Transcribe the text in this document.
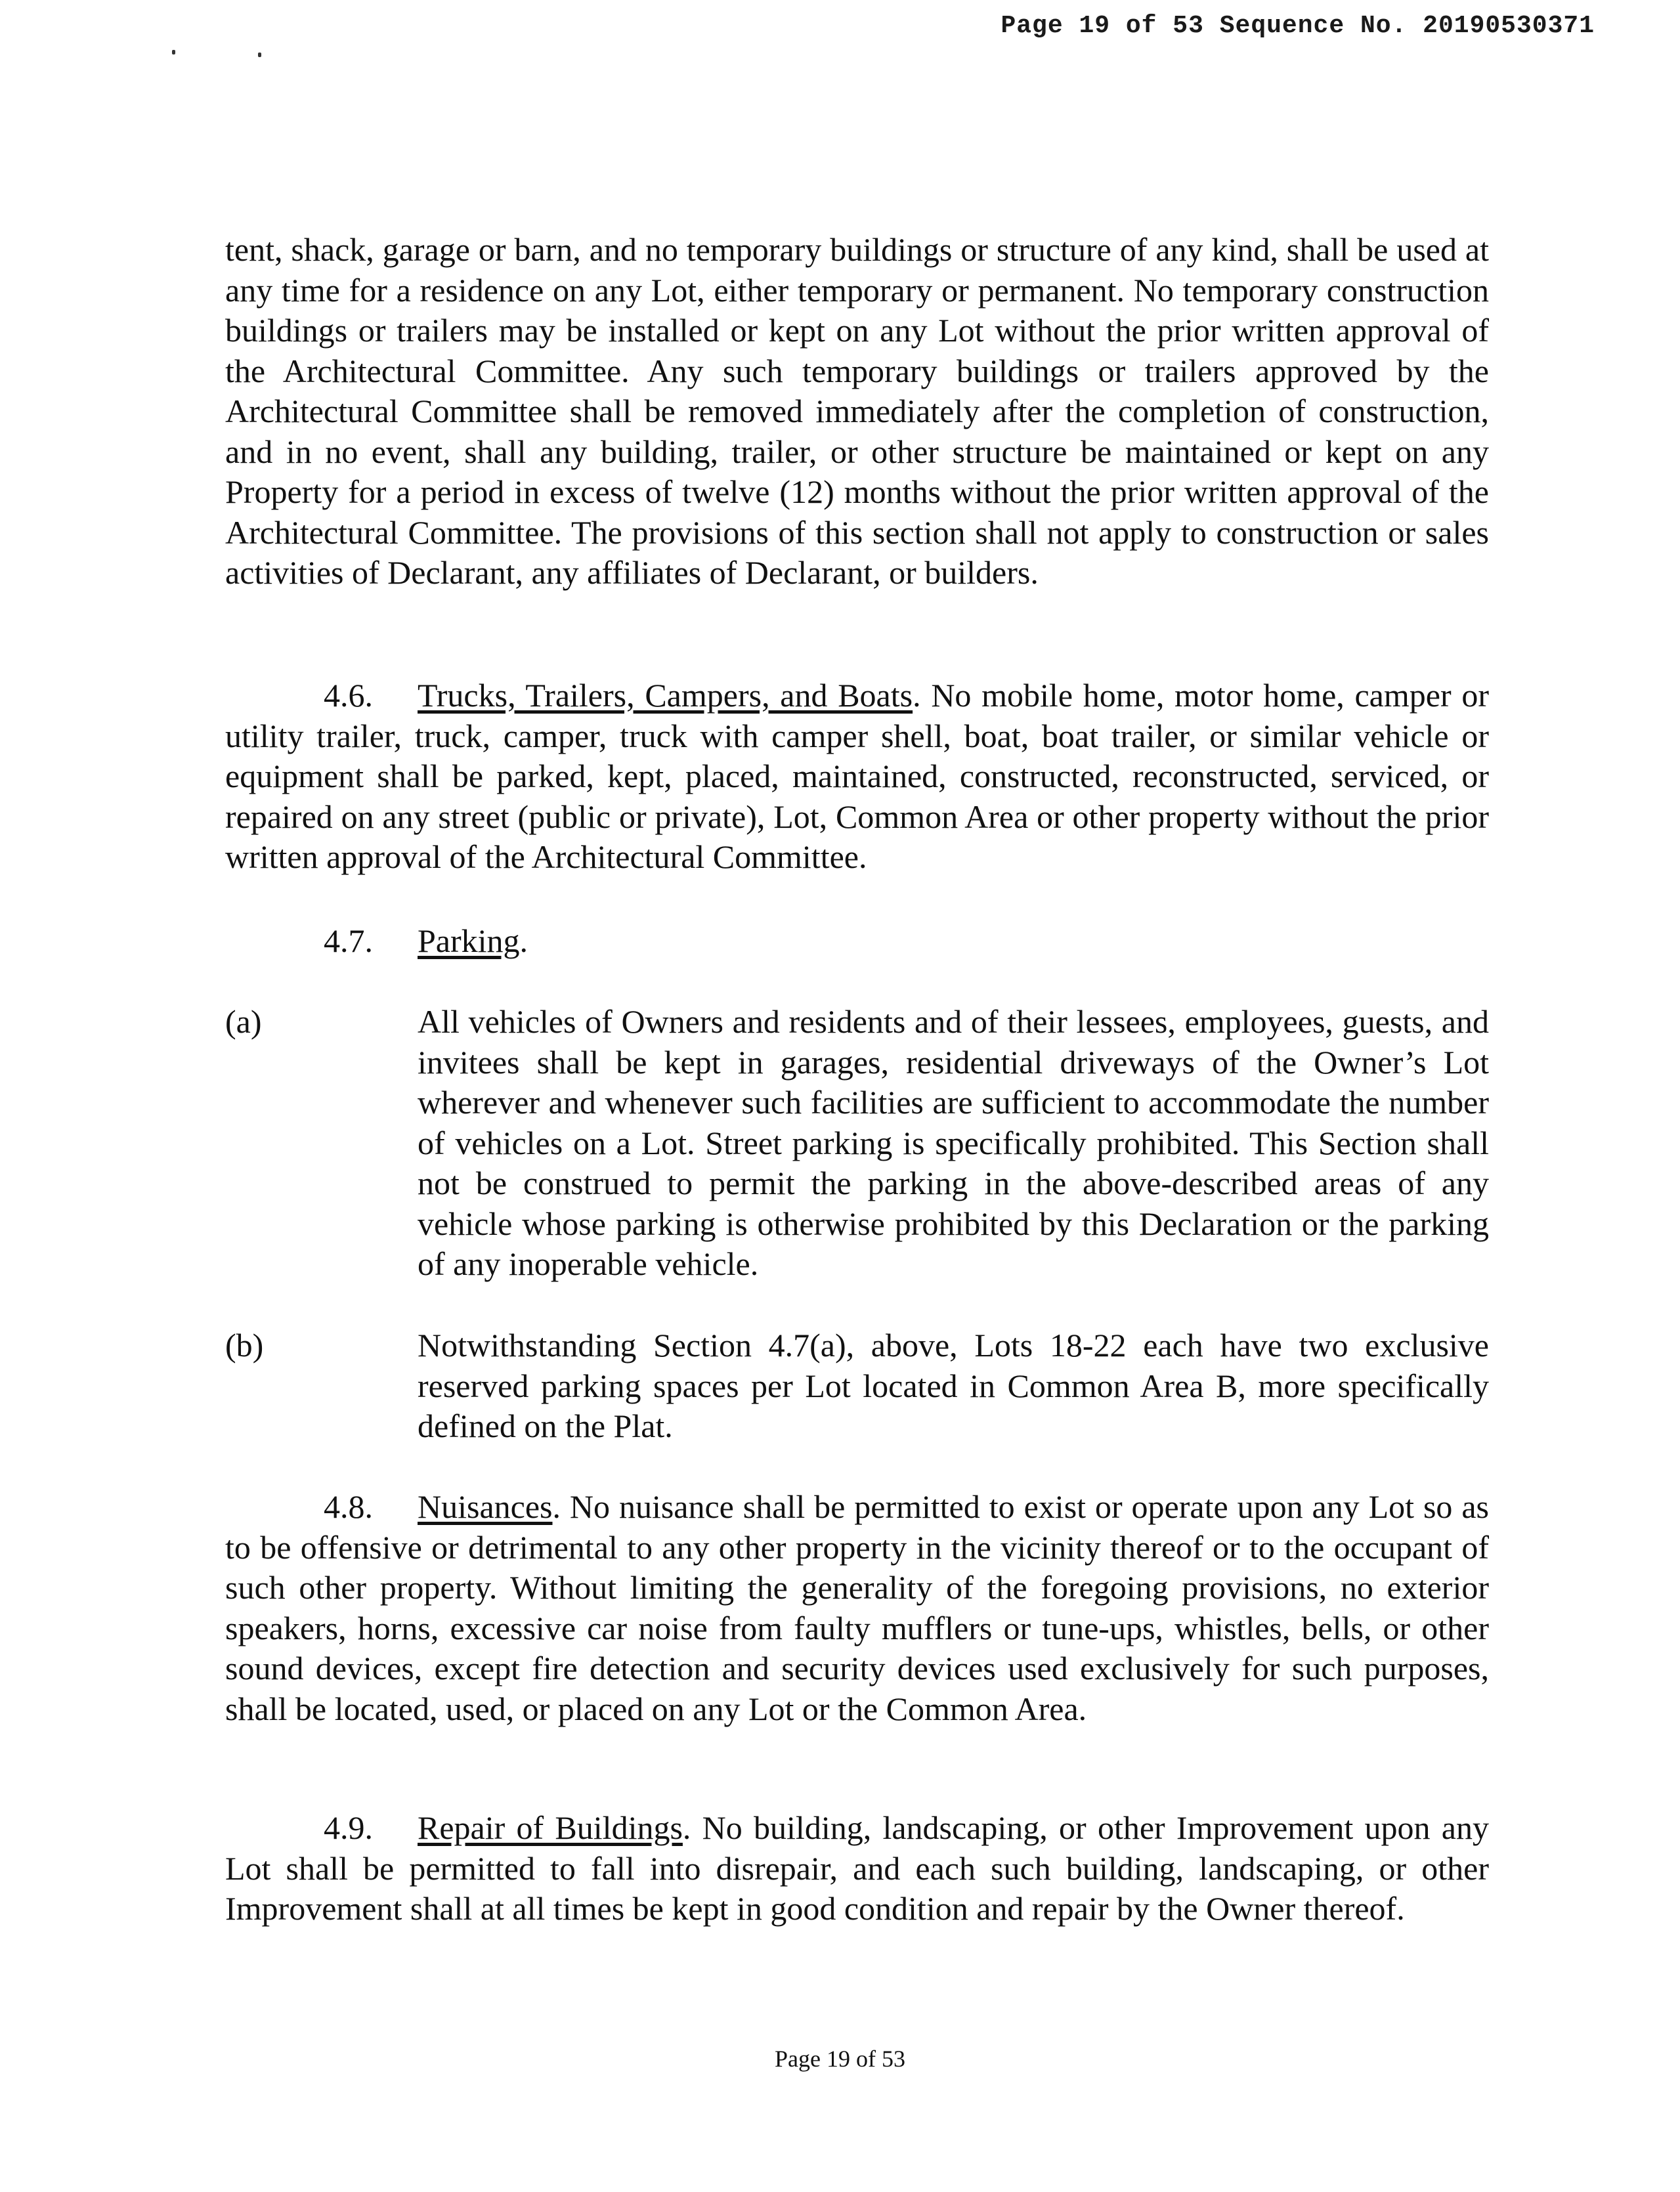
Page 19 of 53 Sequence No. 20190530371

tent, shack, garage or barn, and no temporary buildings or structure of any kind, shall be used at any time for a residence on any Lot, either temporary or permanent. No temporary construction buildings or trailers may be installed or kept on any Lot without the prior written approval of the Architectural Committee. Any such temporary buildings or trailers approved by the Architectural Committee shall be removed immediately after the completion of construction, and in no event, shall any building, trailer, or other structure be maintained or kept on any Property for a period in excess of twelve (12) months without the prior written approval of the Architectural Committee. The provisions of this section shall not apply to construction or sales activities of Declarant, any affiliates of Declarant, or builders.

4.6. Trucks, Trailers, Campers, and Boats. No mobile home, motor home, camper or utility trailer, truck, camper, truck with camper shell, boat, boat trailer, or similar vehicle or equipment shall be parked, kept, placed, maintained, constructed, reconstructed, serviced, or repaired on any street (public or private), Lot, Common Area or other property without the prior written approval of the Architectural Committee.

4.7. Parking.
(a)	All vehicles of Owners and residents and of their lessees, employees, guests, and invitees shall be kept in garages, residential driveways of the Owner’s Lot wherever and whenever such facilities are sufficient to accommodate the number of vehicles on a Lot. Street parking is specifically prohibited. This Section shall not be construed to permit the parking in the above-described areas of any vehicle whose parking is otherwise prohibited by this Declaration or the parking of any inoperable vehicle.
(b)	Notwithstanding Section 4.7(a), above, Lots 18-22 each have two exclusive reserved parking spaces per Lot located in Common Area B, more specifically defined on the Plat.

4.8. Nuisances. No nuisance shall be permitted to exist or operate upon any Lot so as to be offensive or detrimental to any other property in the vicinity thereof or to the occupant of such other property. Without limiting the generality of the foregoing provisions, no exterior speakers, horns, excessive car noise from faulty mufflers or tune-ups, whistles, bells, or other sound devices, except fire detection and security devices used exclusively for such purposes, shall be located, used, or placed on any Lot or the Common Area.

4.9. Repair of Buildings. No building, landscaping, or other Improvement upon any Lot shall be permitted to fall into disrepair, and each such building, landscaping, or other Improvement shall at all times be kept in good condition and repair by the Owner thereof.

Page 19 of 53
